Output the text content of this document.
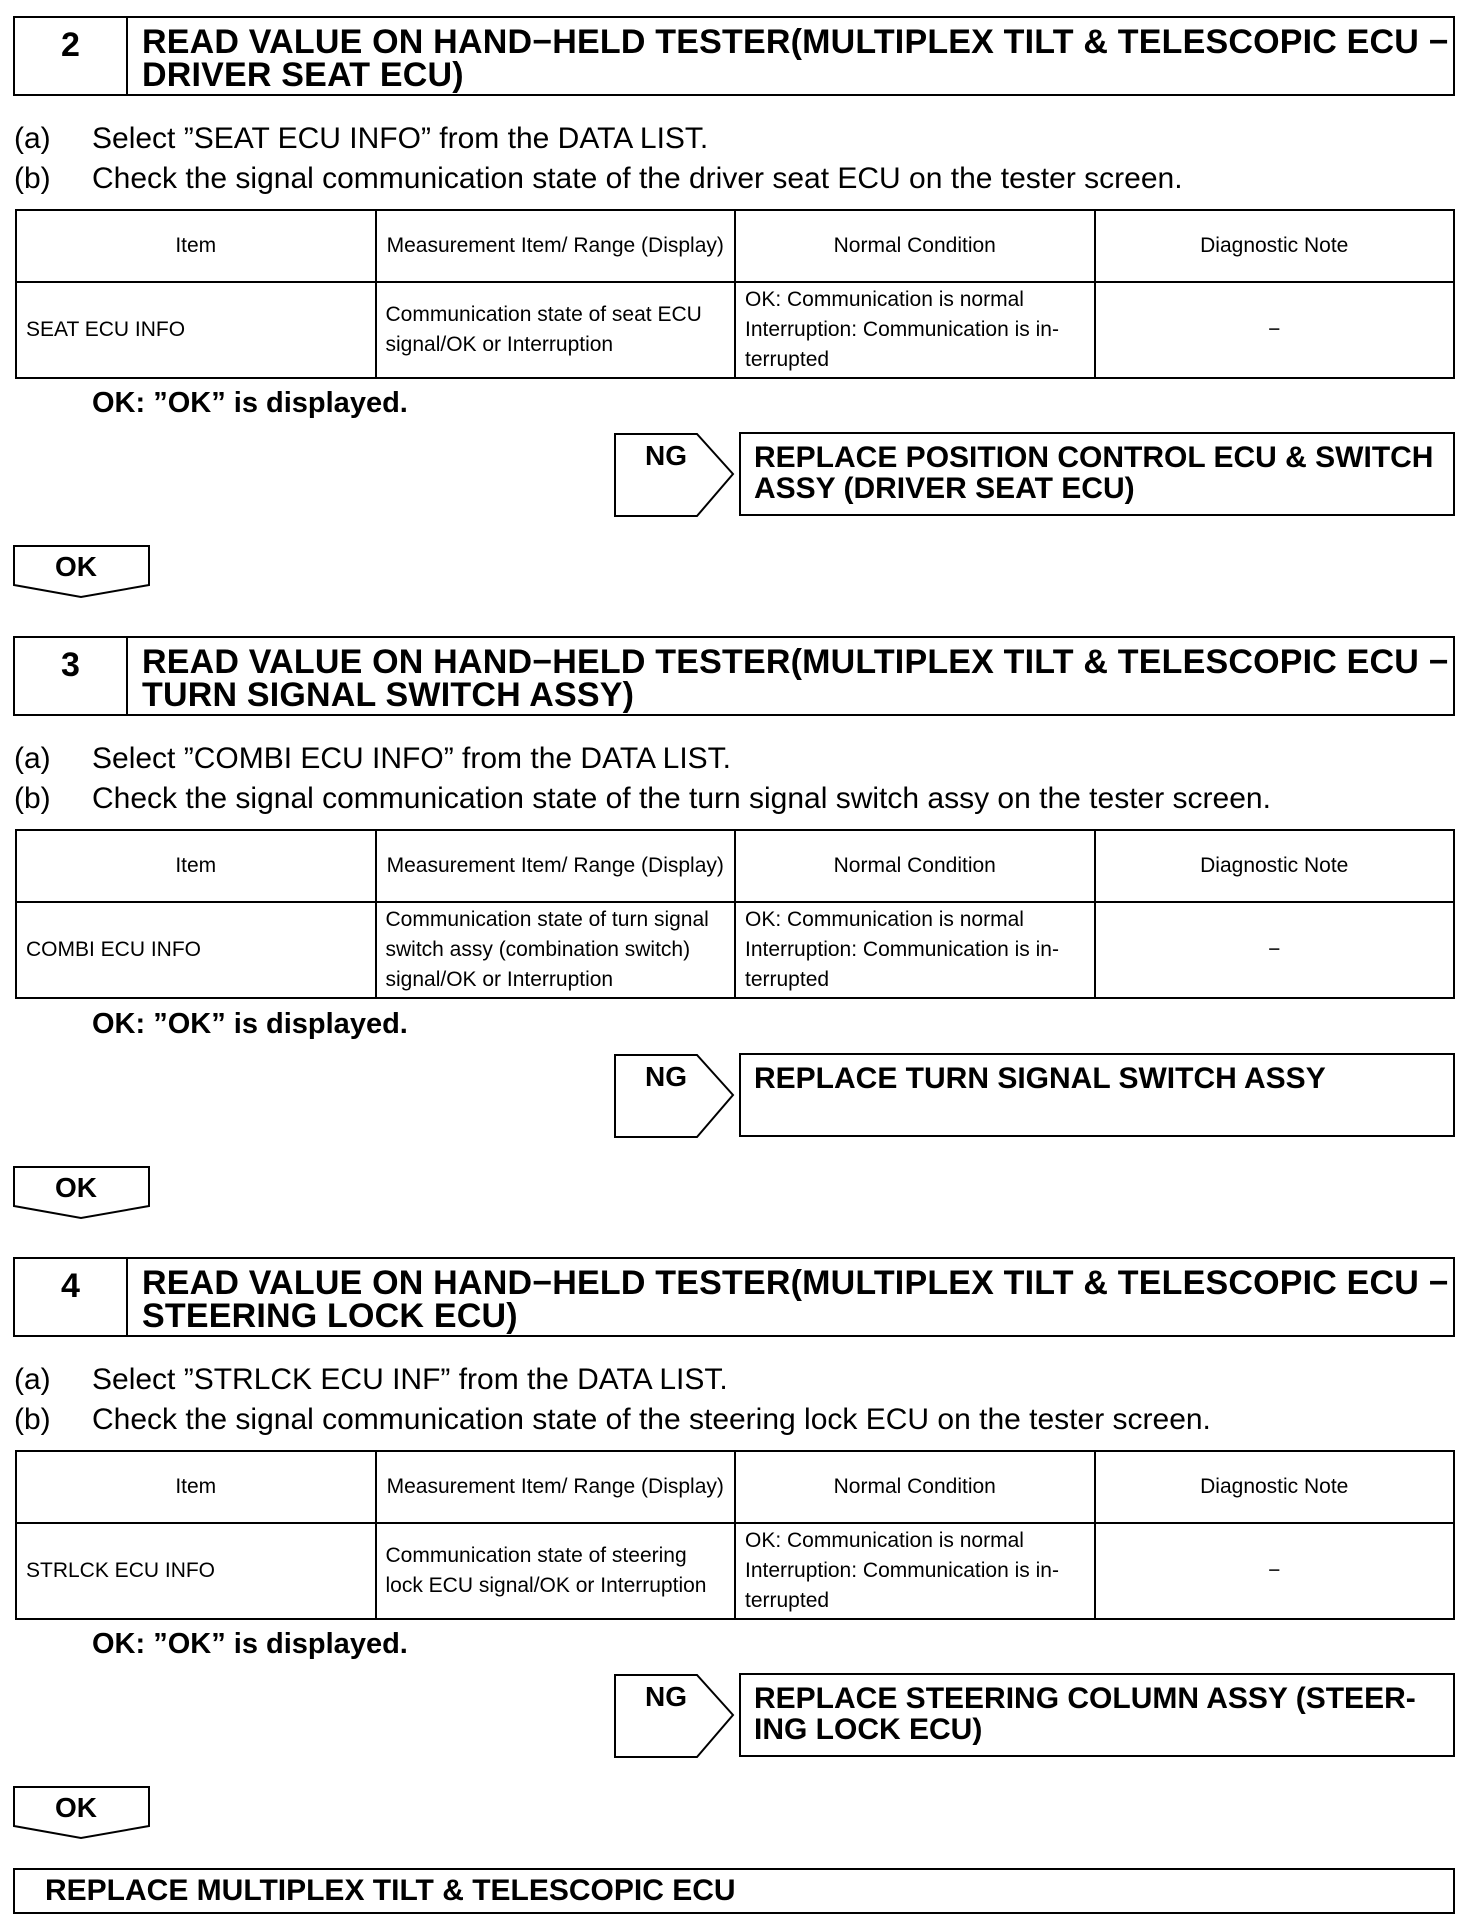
2	READ VALUE ON HAND−HELD TESTER(MULTIPLEX TILT & TELESCOPIC ECU − DRIVER SEAT ECU)
(a) Select ”SEAT ECU INFO” from the DATA LIST.
(b) Check the signal communication state of the driver seat ECU on the tester screen.
Item	Measurement Item/ Range (Display)	Normal Condition	Diagnostic Note
SEAT ECU INFO	Communication state of seat ECU signal/OK or Interruption	OK: Communication is normal Interruption: Communication is in- terrupted	−
OK: ”OK” is displayed.
NG	REPLACE POSITION CONTROL ECU & SWITCH ASSY (DRIVER SEAT ECU)
OK
3	READ VALUE ON HAND−HELD TESTER(MULTIPLEX TILT & TELESCOPIC ECU − TURN SIGNAL SWITCH ASSY)
(a) Select ”COMBI ECU INFO” from the DATA LIST.
(b) Check the signal communication state of the turn signal switch assy on the tester screen.
Item	Measurement Item/ Range (Display)	Normal Condition	Diagnostic Note
COMBI ECU INFO	Communication state of turn signal switch assy (combination switch) signal/OK or Interruption	OK: Communication is normal Interruption: Communication is in- terrupted	−
OK: ”OK” is displayed.
NG	REPLACE TURN SIGNAL SWITCH ASSY
OK
4	READ VALUE ON HAND−HELD TESTER(MULTIPLEX TILT & TELESCOPIC ECU − STEERING LOCK ECU)
(a) Select ”STRLCK ECU INF” from the DATA LIST.
(b) Check the signal communication state of the steering lock ECU on the tester screen.
Item	Measurement Item/ Range (Display)	Normal Condition	Diagnostic Note
STRLCK ECU INFO	Communication state of steering lock ECU signal/OK or Interruption	OK: Communication is normal Interruption: Communication is in- terrupted	−
OK: ”OK” is displayed.
NG	REPLACE STEERING COLUMN ASSY (STEER- ING LOCK ECU)
OK
REPLACE MULTIPLEX TILT & TELESCOPIC ECU
